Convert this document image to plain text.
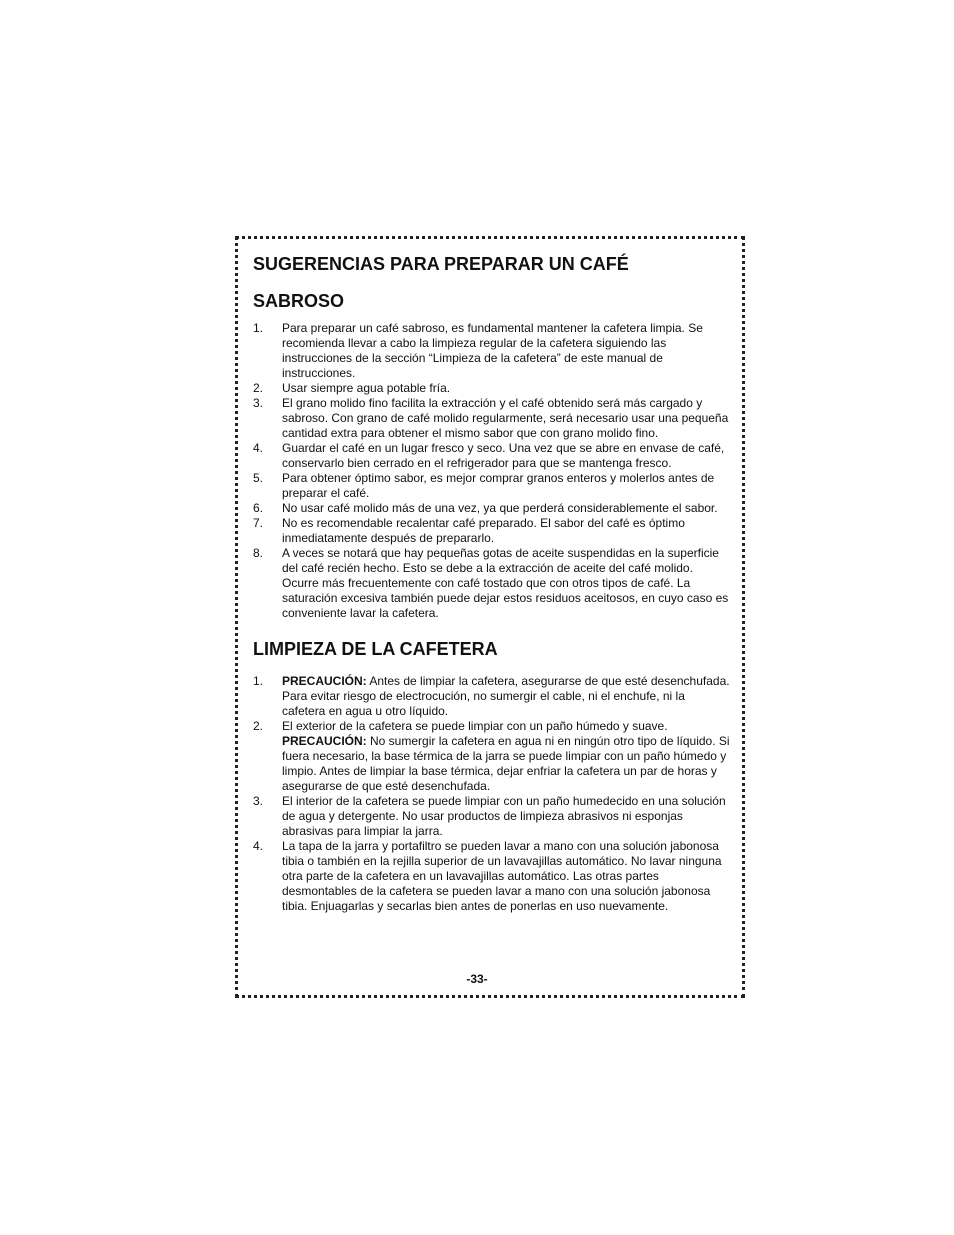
SUGERENCIAS PARA PREPARAR UN CAFÉ
SABROSO
1. Para preparar un café sabroso, es fundamental mantener la cafetera limpia. Se recomienda llevar a cabo la limpieza regular de la cafetera siguiendo las instrucciones de la sección “Limpieza de la cafetera” de este manual de instrucciones.
2. Usar siempre agua potable fría.
3. El grano molido fino facilita la extracción y el café obtenido será más cargado y sabroso. Con grano de café molido regularmente, será necesario usar una pequeña cantidad extra para obtener el mismo sabor que con grano molido fino.
4. Guardar el café en un lugar fresco y seco. Una vez que se abre en envase de café, conservarlo bien cerrado en el refrigerador para que se mantenga fresco.
5. Para obtener óptimo sabor, es mejor comprar granos enteros y molerlos antes de preparar el café.
6. No usar café molido más de una vez, ya que perderá considerablemente el sabor.
7. No es recomendable recalentar café preparado. El sabor del café es óptimo inmediatamente después de prepararlo.
8. A veces se notará que hay pequeñas gotas de aceite suspendidas en la superficie del café recién hecho. Esto se debe a la extracción de aceite del café molido. Ocurre más frecuentemente con café tostado que con otros tipos de café. La saturación excesiva también puede dejar estos residuos aceitosos, en cuyo caso es conveniente lavar la cafetera.
LIMPIEZA DE LA CAFETERA
1. PRECAUCIÓN: Antes de limpiar la cafetera, asegurarse de que esté desenchufada. Para evitar riesgo de electrocución, no sumergir el cable, ni el enchufe, ni la cafetera en agua u otro líquido.
2. El exterior de la cafetera se puede limpiar con un paño húmedo y suave.
PRECAUCIÓN: No sumergir la cafetera en agua ni en ningún otro tipo de líquido. Si fuera necesario, la base térmica de la jarra se puede limpiar con un paño húmedo y limpio. Antes de limpiar la base térmica, dejar enfriar la cafetera un par de horas y asegurarse de que esté desenchufada.
3. El interior de la cafetera se puede limpiar con un paño humedecido en una solución de agua y detergente. No usar productos de limpieza abrasivos ni esponjas abrasivas para limpiar la jarra.
4. La tapa de la jarra y portafiltro se pueden lavar a mano con una solución jabonosa tibia o también en la rejilla superior de un lavavajillas automático. No lavar ninguna otra parte de la cafetera en un lavavajillas automático. Las otras partes desmontables de la cafetera se pueden lavar a mano con una solución jabonosa tibia. Enjuagarlas y secarlas bien antes de ponerlas en uso nuevamente.
-33-
